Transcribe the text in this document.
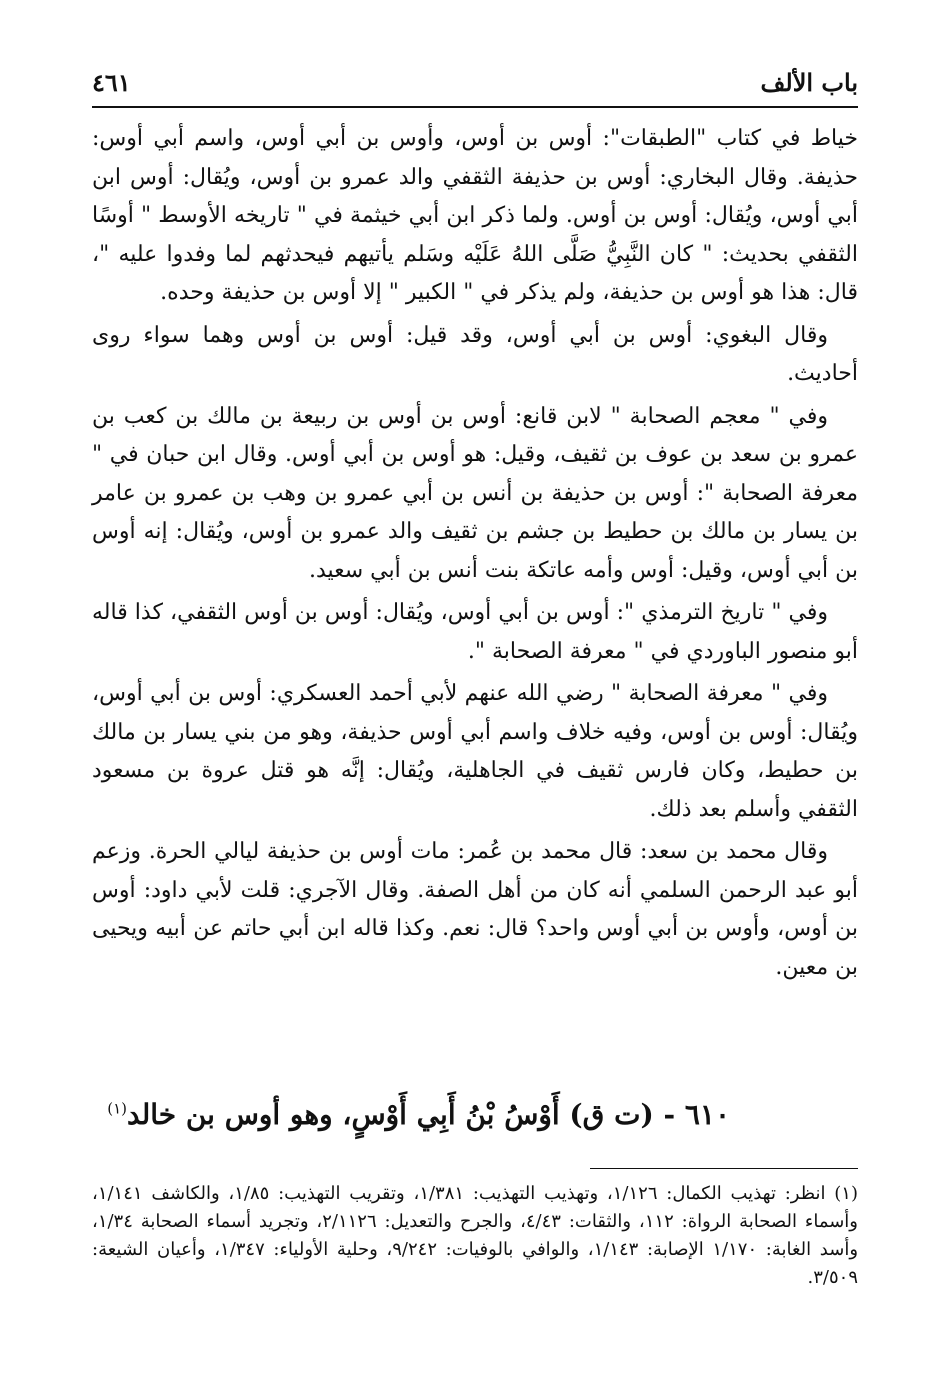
باب الألف
٤٦١

خياط في كتاب "الطبقات": أوس بن أوس، وأوس بن أبي أوس، واسم أبي أوس: حذيفة. وقال البخاري: أوس بن حذيفة الثقفي والد عمرو بن أوس، ويُقال: أوس ابن أبي أوس، ويُقال: أوس بن أوس. ولما ذكر ابن أبي خيثمة في " تاريخه الأوسط " أوسًا الثقفي بحديث: " كان النَّبِيُّ صَلَّى اللهُ عَلَيْه وسَلم يأتيهم فيحدثهم لما وفدوا عليه "، قال: هذا هو أوس بن حذيفة، ولم يذكر في " الكبير " إلا أوس بن حذيفة وحده.

وقال البغوي: أوس بن أبي أوس، وقد قيل: أوس بن أوس وهما سواء روى أحاديث.

وفي " معجم الصحابة " لابن قانع: أوس بن أوس بن ربيعة بن مالك بن كعب بن عمرو بن سعد بن عوف بن ثقيف، وقيل: هو أوس بن أبي أوس. وقال ابن حبان في " معرفة الصحابة ": أوس بن حذيفة بن أنس بن أبي عمرو بن وهب بن عمرو بن عامر بن يسار بن مالك بن حطيط بن جشم بن ثقيف والد عمرو بن أوس، ويُقال: إنه أوس بن أبي أوس، وقيل: أوس وأمه عاتكة بنت أنس بن أبي سعيد.

وفي " تاريخ الترمذي ": أوس بن أبي أوس، ويُقال: أوس بن أوس الثقفي، كذا قاله أبو منصور الباوردي في " معرفة الصحابة ".

وفي " معرفة الصحابة " رضي الله عنهم لأبي أحمد العسكري: أوس بن أبي أوس، ويُقال: أوس بن أوس، وفيه خلاف واسم أبي أوس حذيفة، وهو من بني يسار بن مالك بن حطيط، وكان فارس ثقيف في الجاهلية، ويُقال: إنَّه هو قتل عروة بن مسعود الثقفي وأسلم بعد ذلك.

وقال محمد بن سعد: قال محمد بن عُمر: مات أوس بن حذيفة ليالي الحرة. وزعم أبو عبد الرحمن السلمي أنه كان من أهل الصفة. وقال الآجري: قلت لأبي داود: أوس بن أوس، وأوس بن أبي أوس واحد؟ قال: نعم. وكذا قاله ابن أبي حاتم عن أبيه ويحيى بن معين.

٦١٠ - (ت ق) أَوْسُ بْنُ أَبِي أَوْسٍ، وهو أوس بن خالد$^{(١)}$

(١) انظر: تهذيب الكمال: ١/١٢٦، وتهذيب التهذيب: ١/٣٨١، وتقريب التهذيب: ١/٨٥، والكاشف ١/١٤١، وأسماء الصحابة الرواة: ١١٢، والثقات: ٤/٤٣، والجرح والتعديل: ٢/١١٢٦، وتجريد أسماء الصحابة ١/٣٤، وأسد الغابة: ١/١٧٠ الإصابة: ١/١٤٣، والوافي بالوفيات: ٩/٢٤٢، وحلية الأولياء: ١/٣٤٧، وأعيان الشيعة: ٣/٥٠٩.
